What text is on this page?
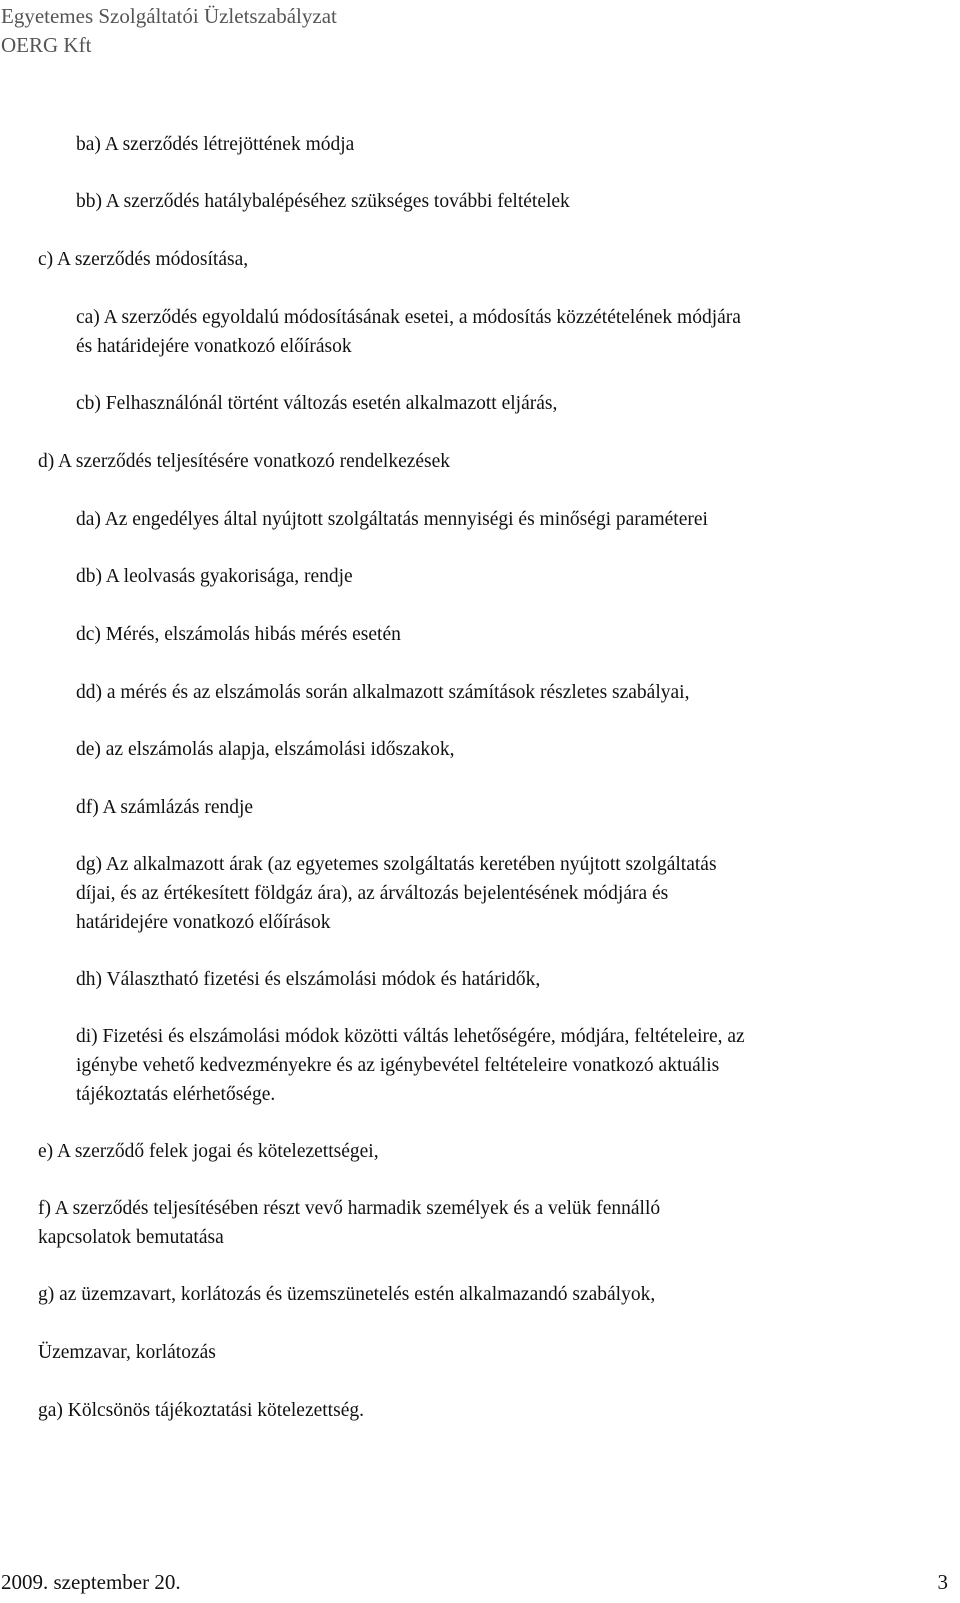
Egyetemes Szolgáltatói Üzletszabályzat
OERG Kft
ba) A szerződés létrejöttének módja
bb) A szerződés hatálybalépéséhez szükséges további feltételek
c) A szerződés módosítása,
ca) A szerződés egyoldalú módosításának esetei, a módosítás közzétételének módjára
és határidejére vonatkozó előírások
cb) Felhasználónál történt változás esetén alkalmazott eljárás,
d) A szerződés teljesítésére vonatkozó rendelkezések
da) Az engedélyes által nyújtott szolgáltatás mennyiségi és minőségi paraméterei
db) A leolvasás gyakorisága, rendje
dc) Mérés, elszámolás hibás mérés esetén
dd) a mérés és az elszámolás során alkalmazott számítások részletes szabályai,
de) az elszámolás alapja, elszámolási időszakok,
df) A számlázás rendje
dg) Az alkalmazott árak (az egyetemes szolgáltatás keretében nyújtott szolgáltatás
díjai, és az értékesített földgáz ára), az árváltozás bejelentésének módjára és
határidejére vonatkozó előírások
dh) Választható fizetési és elszámolási módok és határidők,
di) Fizetési és elszámolási módok közötti váltás lehetőségére, módjára, feltételeire, az
igénybe vehető kedvezményekre és az igénybevétel feltételeire vonatkozó aktuális
tájékoztatás elérhetősége.
e) A szerződő felek jogai és kötelezettségei,
f) A szerződés teljesítésében részt vevő harmadik személyek és a velük fennálló
kapcsolatok bemutatása
g) az üzemzavart, korlátozás és üzemszünetelés estén alkalmazandó szabályok,
Üzemzavar, korlátozás
ga) Kölcsönös tájékoztatási kötelezettség.
2009. szeptember 20.	3
